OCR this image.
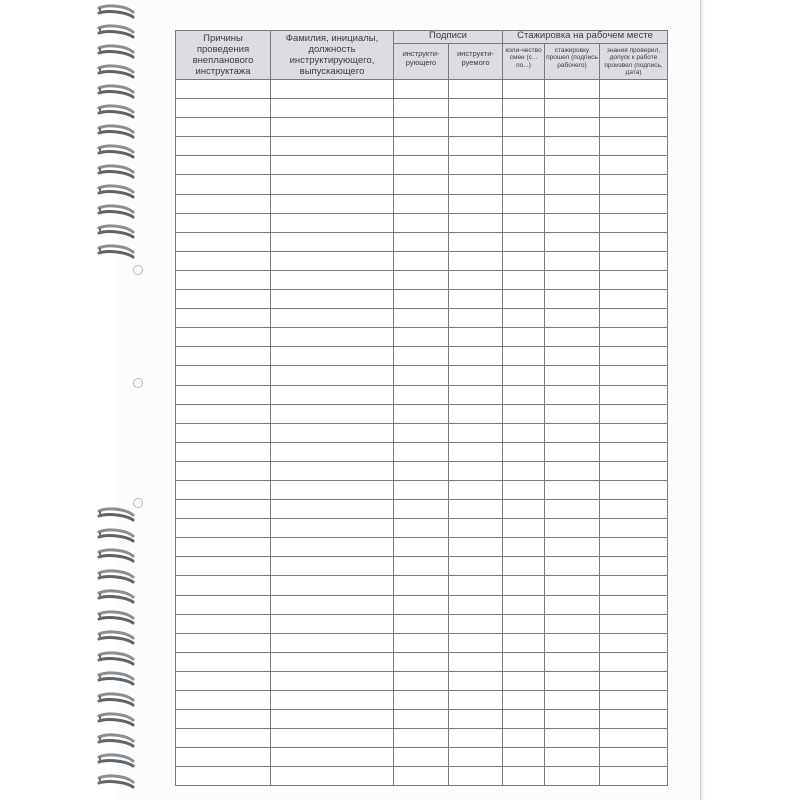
Причины проведения внепланового инструктажа	Фамилия, инициалы, должность инструктирующего, выпускающего	Подписи		Стажировка на рабочем месте		
		инструкти-рующего	инструкти-руемого	коли-чество смен (с... по...)	стажировку прошел (подпись рабочего)	знания проверил, допуск к работе произвел (подпись, дата)
